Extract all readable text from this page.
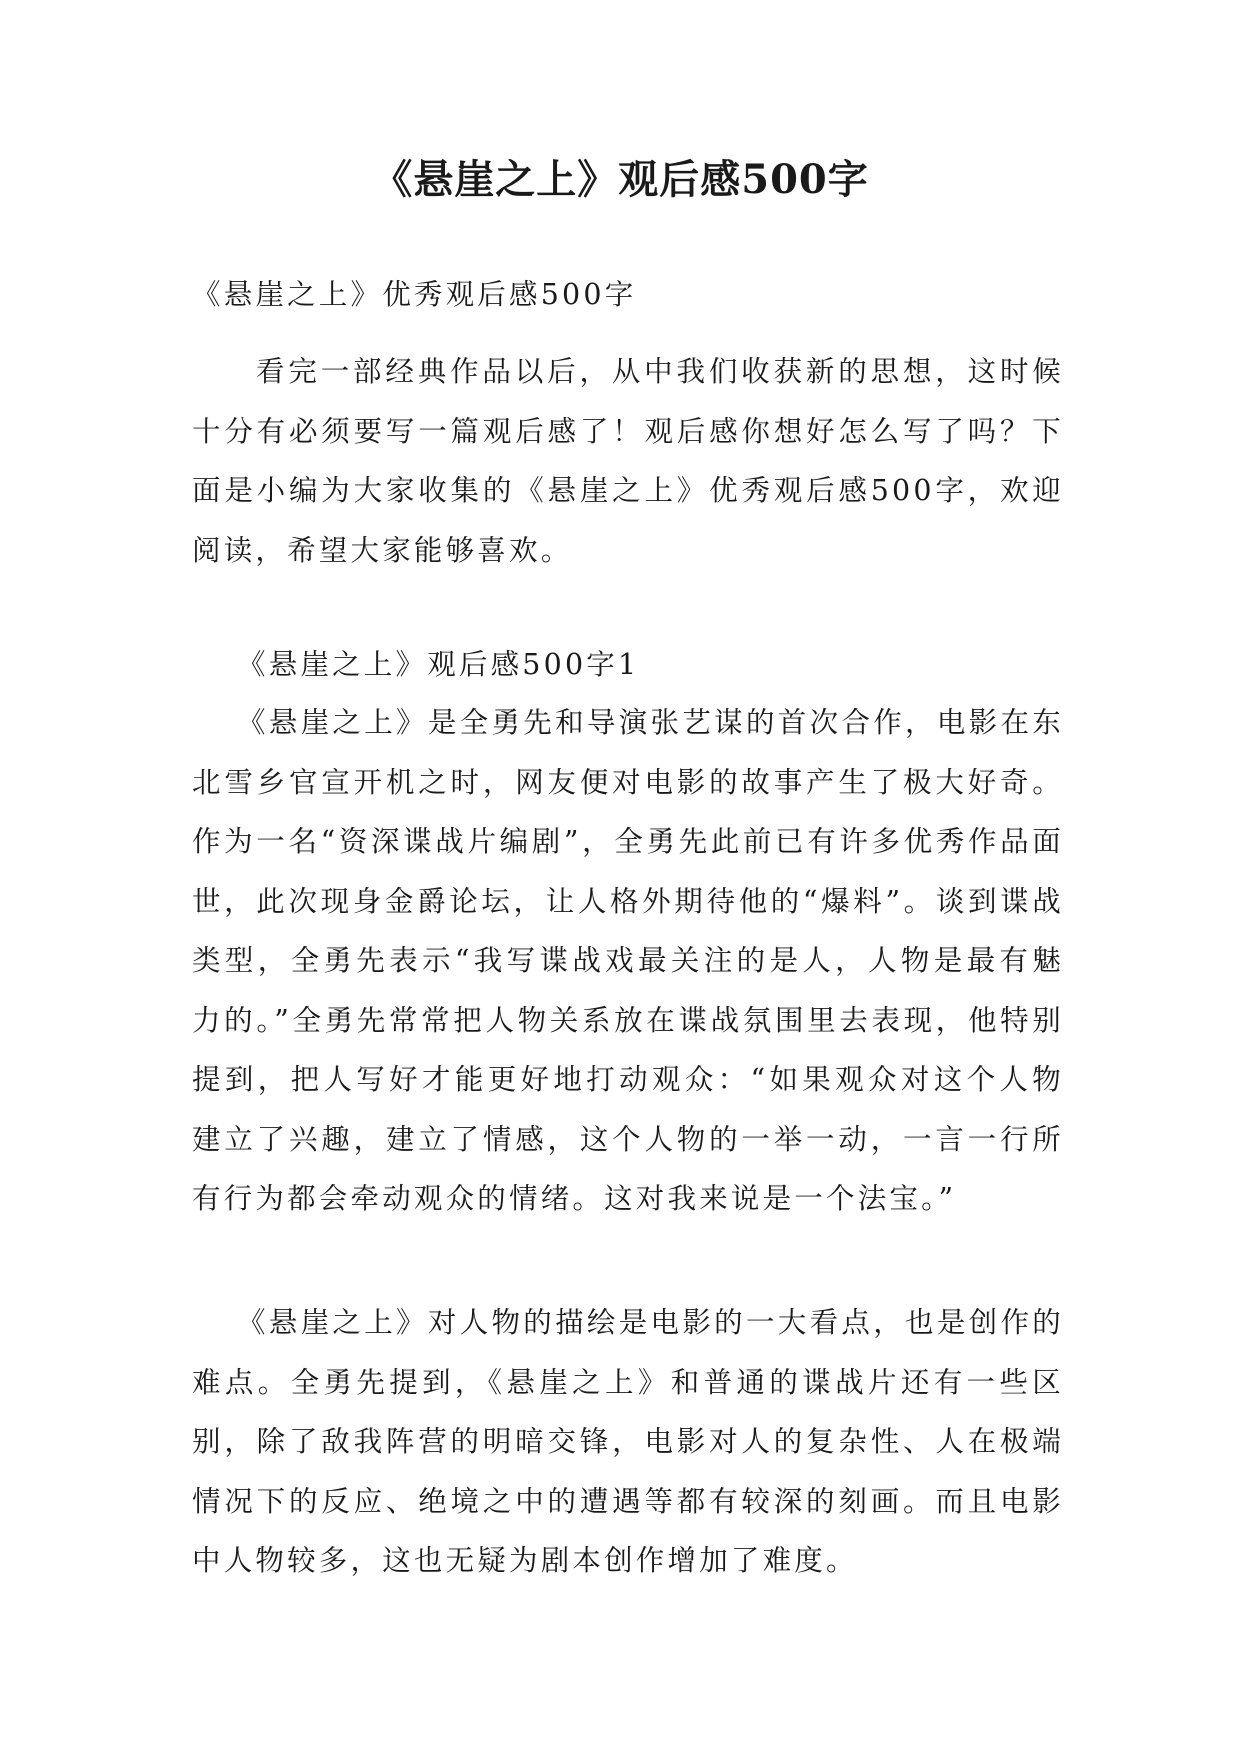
《悬崖之上》观后感500字

《悬崖之上》优秀观后感500字

看完一部经典作品以后，从中我们收获新的思想，这时候十分有必须要写一篇观后感了！观后感你想好怎么写了吗？下面是小编为大家收集的《悬崖之上》优秀观后感500字，欢迎阅读，希望大家能够喜欢。

《悬崖之上》观后感500字1

《悬崖之上》是全勇先和导演张艺谋的首次合作，电影在东北雪乡官宣开机之时，网友便对电影的故事产生了极大好奇。作为一名“资深谍战片编剧”，全勇先此前已有许多优秀作品面世，此次现身金爵论坛，让人格外期待他的“爆料”。谈到谍战类型，全勇先表示“我写谍战戏最关注的是人，人物是最有魅力的。”全勇先常常把人物关系放在谍战氛围里去表现，他特别提到，把人写好才能更好地打动观众：“如果观众对这个人物建立了兴趣，建立了情感，这个人物的一举一动，一言一行所有行为都会牵动观众的情绪。这对我来说是一个法宝。”

《悬崖之上》对人物的描绘是电影的一大看点，也是创作的难点。全勇先提到，《悬崖之上》和普通的谍战片还有一些区别，除了敌我阵营的明暗交锋，电影对人的复杂性、人在极端情况下的反应、绝境之中的遭遇等都有较深的刻画。而且电影中人物较多，这也无疑为剧本创作增加了难度。
